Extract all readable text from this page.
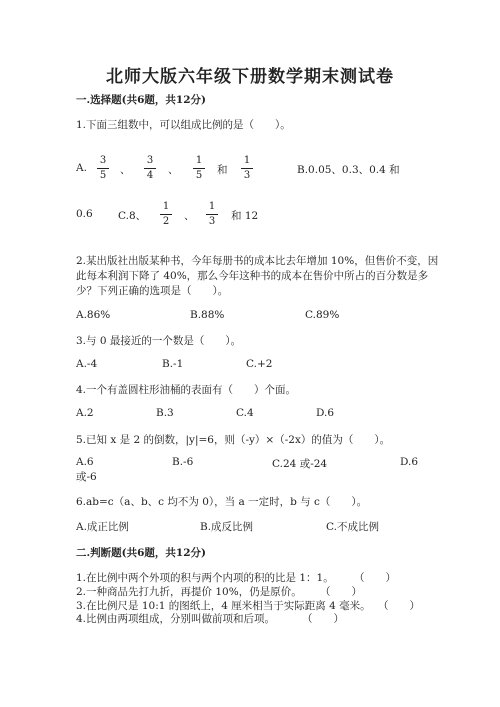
北师大版六年级下册数学期末测试卷
一.选择题(共6题，共12分)
1.下面三组数中，可以组成比例的是（　　）。
A.
3
5 、
3
4 、
1
5 和
1
3	B.0.05、0.3、0.4 和
0.6 C.8、
1
2 、
1
3 和 12
2.某出版社出版某种书，今年每册书的成本比去年增加 10%，但售价不变，因
此每本利润下降了 40%，那么今年这种书的成本在售价中所占的百分数是多
少？下列正确的选项是（　　）。
A.86%	B.88%	C.89%
3.与 0 最接近的一个数是（　　）。
A.-4	B.-1	C.+2
4.一个有盖圆柱形油桶的表面有（　　）个面。
A.2	B.3	C.4	D.6
5.已知 x 是 2 的倒数，|y|=6，则（-y）×（-2x）的值为（　　）。
A.6	B.-6	C.24 或-24	D.6
或-6
6.ab=c（a、b、c 均不为 0），当 a 一定时，b 与 c（　　）。
A.成正比例	B.成反比例	C.不成比例
二.判断题(共6题，共12分)
1.在比例中两个外项的积与两个内项的积的比是 1：1。 （　　）
2.一种商品先打九折，再提价 10%，仍是原价。 （　　）
3.在比例尺是 10:1 的图纸上，4 厘米相当于实际距离 4 毫米。 （　　）
4.比例由两项组成，分别叫做前项和后项。	（　　）
